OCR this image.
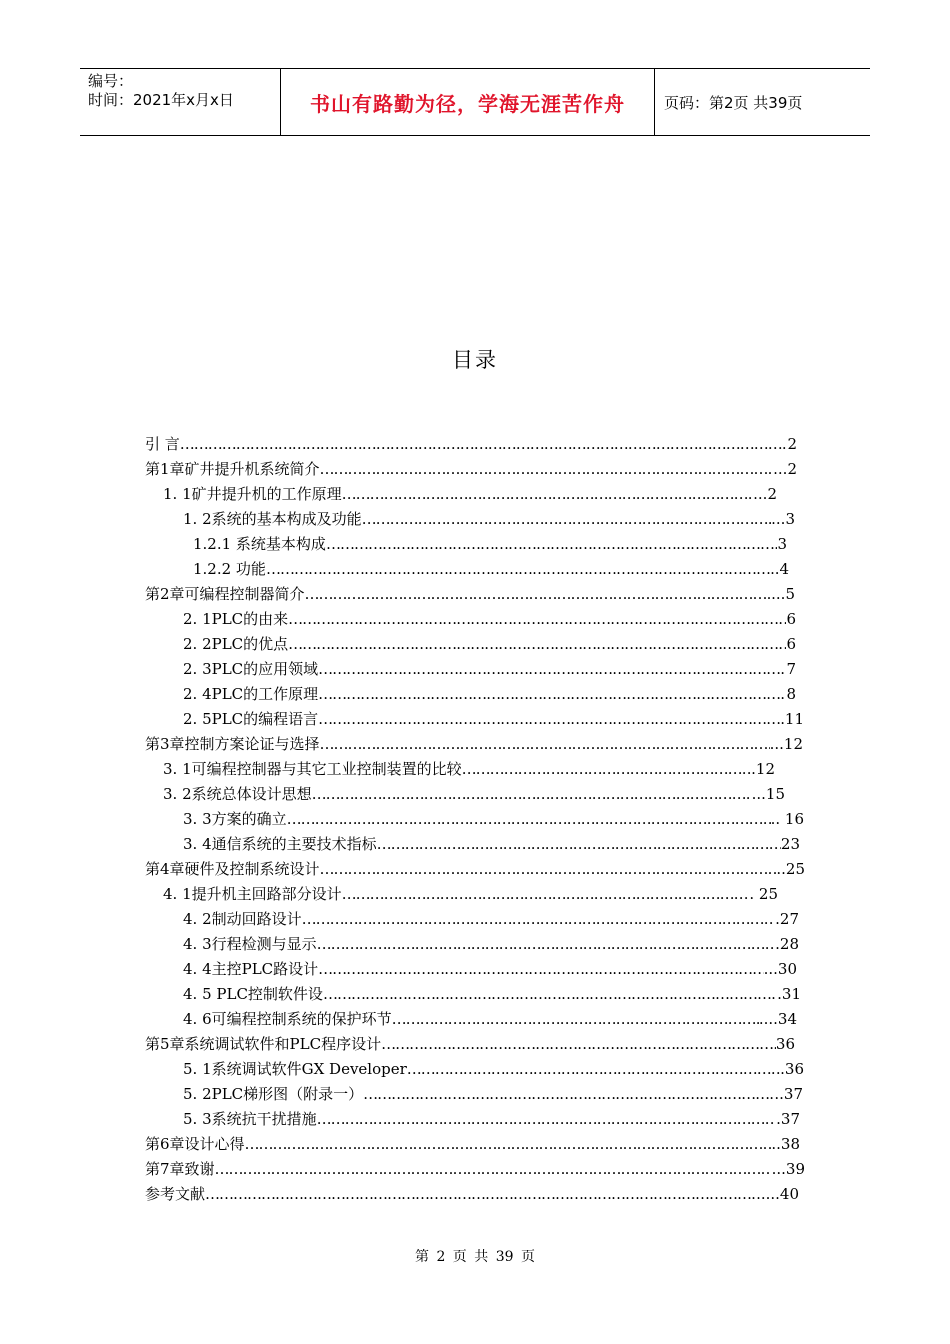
编号：
时间：2021年x月x日	书山有路勤为径，学海无涯苦作舟	页码：第2页 共39页
目录
引 言 …………………………………………………………………………………………………………………………………………………………………………	2
第1章矿井提升机系统简介 …………………………………………………………………………………………………………………………………………………………………………	...2
1. 1矿井提升机的工作原理 …………………………………………………………………………………………………………………………………………………………………………	...2
1. 2系统的基本构成及功能 …………………………………………………………………………………………………………………………………………………………………………	...3
1.2.1 系统基本构成 …………………………………………………………………………………………………………………………………………………………………………	3
1.2.2 功能 …………………………………………………………………………………………………………………………………………………………………………	.4
第2章可编程控制器简介 …………………………………………………………………………………………………………………………………………………………………………	...5
2. 1PLC的由来 …………………………………………………………………………………………………………………………………………………………………………	6
2. 2PLC的优点 …………………………………………………………………………………………………………………………………………………………………………	6
2. 3PLC的应用领域 …………………………………………………………………………………………………………………………………………………………………………	7
2. 4PLC的工作原理 …………………………………………………………………………………………………………………………………………………………………………	8
2. 5PLC的编程语言 …………………………………………………………………………………………………………………………………………………………………………	11
第3章控制方案论证与选择 …………………………………………………………………………………………………………………………………………………………………………	...12
3. 1可编程控制器与其它工业控制装置的比较 …………………………………………………………………………………………………………………………………………………………………………	.12
3. 2系统总体设计思想 …………………………………………………………………………………………………………………………………………………………………………	...15
3. 3方案的确立 …………………………………………………………………………………………………………………………………………………………………………	.. 16
3. 4通信系统的主要技术指标 …………………………………………………………………………………………………………………………………………………………………………	23
第4章硬件及控制系统设计 …………………………………………………………………………………………………………………………………………………………………………	..25
4. 1提升机主回路部分设计 …………………………………………………………………………………………………………………………………………………………………………	. 25
4. 2制动回路设计 …………………………………………………………………………………………………………………………………………………………………………	.27
4. 3行程检测与显示 …………………………………………………………………………………………………………………………………………………………………………	.28
4. 4主控PLC路设计 …………………………………………………………………………………………………………………………………………………………………………	...30
4. 5 PLC控制软件设 …………………………………………………………………………………………………………………………………………………………………………	.31
4. 6可编程控制系统的保护环节 …………………………………………………………………………………………………………………………………………………………………………	....34
第5章系统调试软件和PLC程序设计 …………………………………………………………………………………………………………………………………………………………………………	36
5. 1系统调试软件GX Developer …………………………………………………………………………………………………………………………………………………………………………	.36
5. 2PLC梯形图（附录一） …………………………………………………………………………………………………………………………………………………………………………	..37
5. 3系统抗干扰措施 …………………………………………………………………………………………………………………………………………………………………………	.37
第6章设计心得 …………………………………………………………………………………………………………………………………………………………………………	..38
第7章致谢 …………………………………………………………………………………………………………………………………………………………………………	...39
参考文献 …………………………………………………………………………………………………………………………………………………………………………	.....40
第 2 页 共 39 页
